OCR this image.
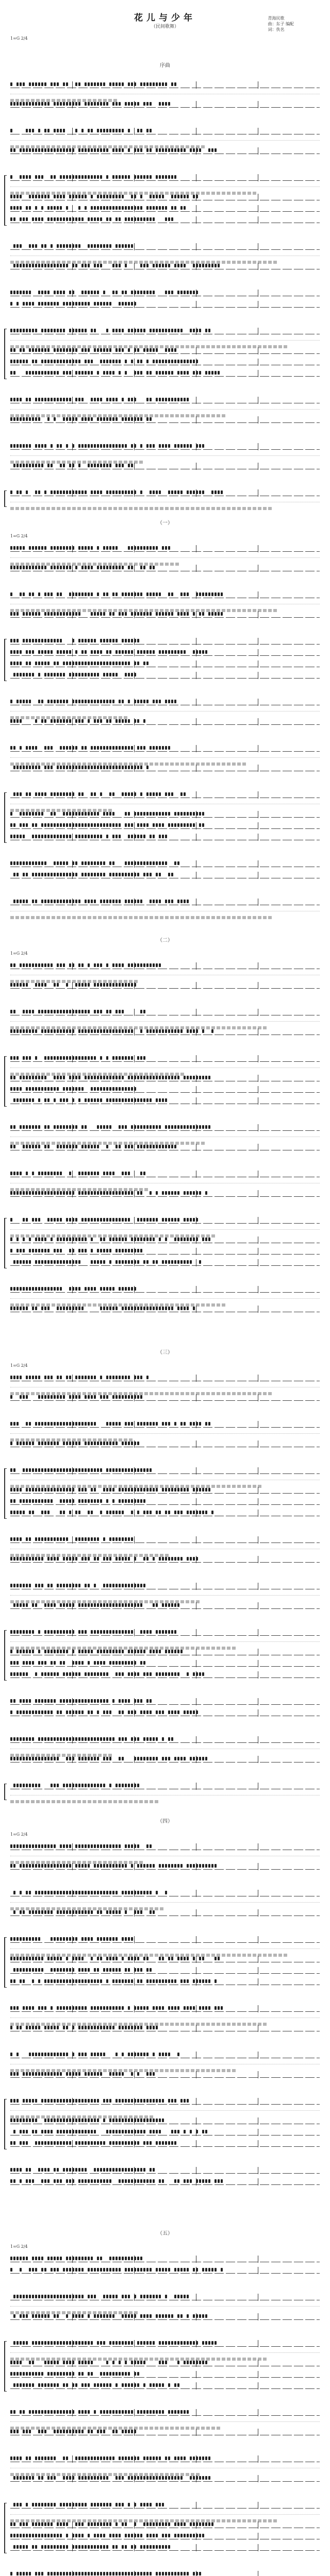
花儿与少年
（民间歌舞）
青海民歌
曲：东子 编配
词：佚名
1=G 2/4
序曲
（一）
（二）
（三）
（四）
（五）
1=G 2/4
1=G 2/4
1=G 2/4
1=G 2/4
1=G 2/4
